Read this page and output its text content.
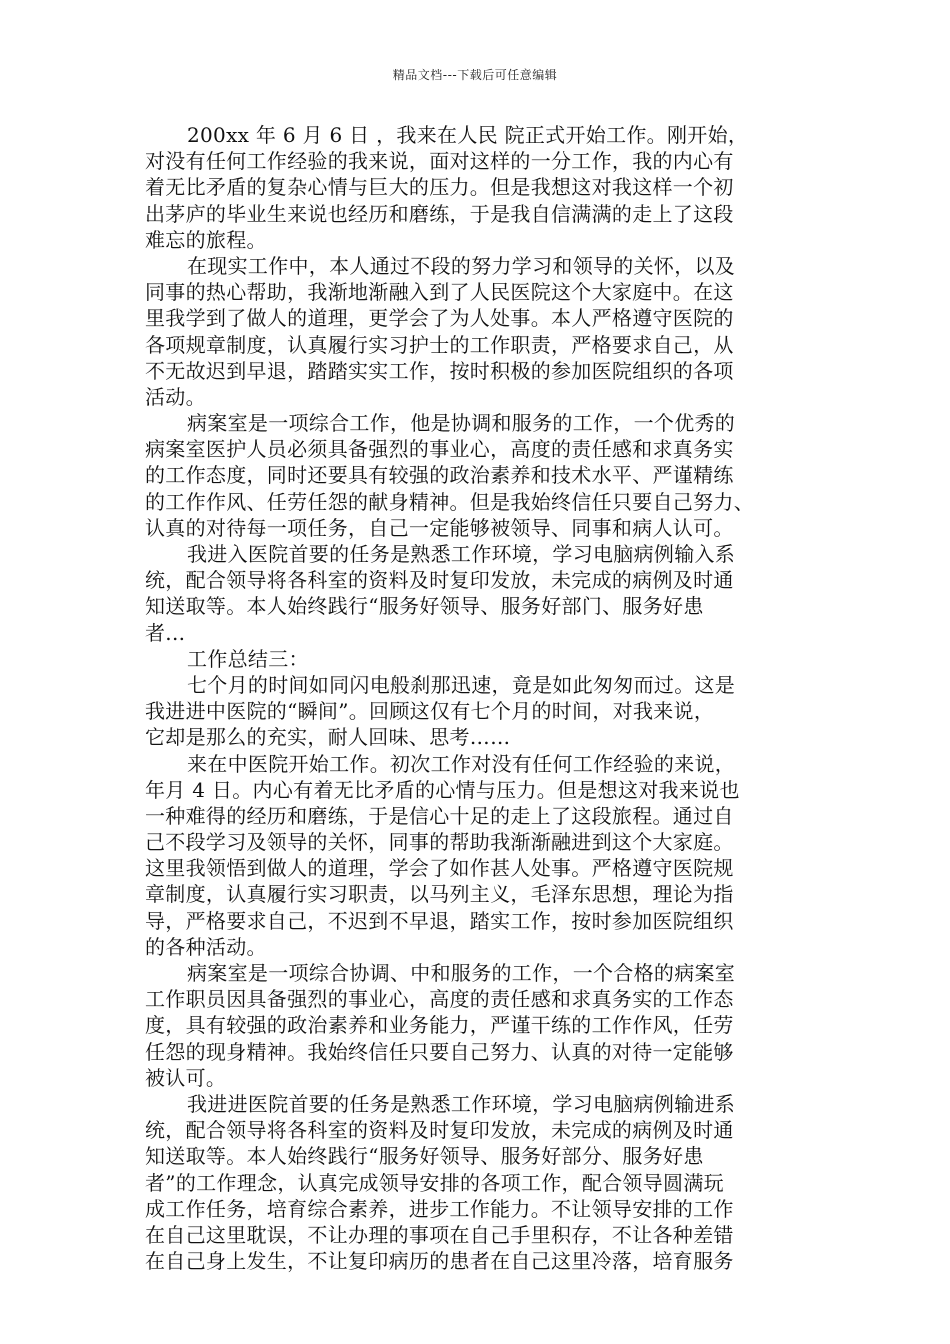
精品文档---下载后可任意编辑
200xx 年 6 月 6 日 ，我来在人民 院正式开始工作。刚开始，
对没有任何工作经验的我来说，面对这样的一分工作，我的内心有
着无比矛盾的复杂心情与巨大的压力。但是我想这对我这样一个初
出茅庐的毕业生来说也经历和磨练，于是我自信满满的走上了这段
难忘的旅程。
在现实工作中，本人通过不段的努力学习和领导的关怀，以及
同事的热心帮助，我渐地渐融入到了人民医院这个大家庭中。在这
里我学到了做人的道理，更学会了为人处事。本人严格遵守医院的
各项规章制度，认真履行实习护士的工作职责，严格要求自己，从
不无故迟到早退，踏踏实实工作，按时积极的参加医院组织的各项
活动。
病案室是一项综合工作，他是协调和服务的工作，一个优秀的
病案室医护人员必须具备强烈的事业心，高度的责任感和求真务实
的工作态度，同时还要具有较强的政治素养和技术水平、严谨精练
的工作作风、任劳任怨的献身精神。但是我始终信任只要自己努力、
认真的对待每一项任务，自己一定能够被领导、同事和病人认可。
我进入医院首要的任务是熟悉工作环境，学习电脑病例输入系
统，配合领导将各科室的资料及时复印发放，未完成的病例及时通
知送取等。本人始终践行“服务好领导、服务好部门、服务好患
者...
工作总结三：
七个月的时间如同闪电般刹那迅速，竟是如此匆匆而过。这是
我进进中医院的“瞬间”。回顾这仅有七个月的时间，对我来说，
它却是那么的充实，耐人回味、思考……
来在中医院开始工作。初次工作对没有任何工作经验的来说，
年月 4 日。内心有着无比矛盾的心情与压力。但是想这对我来说也
一种难得的经历和磨练，于是信心十足的走上了这段旅程。通过自
己不段学习及领导的关怀，同事的帮助我渐渐融进到这个大家庭。
这里我领悟到做人的道理，学会了如作甚人处事。严格遵守医院规
章制度，认真履行实习职责，以马列主义，毛泽东思想，理论为指
导，严格要求自己，不迟到不早退，踏实工作，按时参加医院组织
的各种活动。
病案室是一项综合协调、中和服务的工作，一个合格的病案室
工作职员因具备强烈的事业心，高度的责任感和求真务实的工作态
度，具有较强的政治素养和业务能力，严谨干练的工作作风，任劳
任怨的现身精神。我始终信任只要自己努力、认真的对待一定能够
被认可。
我进进医院首要的任务是熟悉工作环境，学习电脑病例输进系
统，配合领导将各科室的资料及时复印发放，未完成的病例及时通
知送取等。本人始终践行“服务好领导、服务好部分、服务好患
者”的工作理念，认真完成领导安排的各项工作，配合领导圆满玩
成工作任务，培育综合素养，进步工作能力。不让领导安排的工作
在自己这里耽误，不让办理的事项在自己手里积存，不让各种差错
在自己身上发生，不让复印病历的患者在自己这里冷落，培育服务
